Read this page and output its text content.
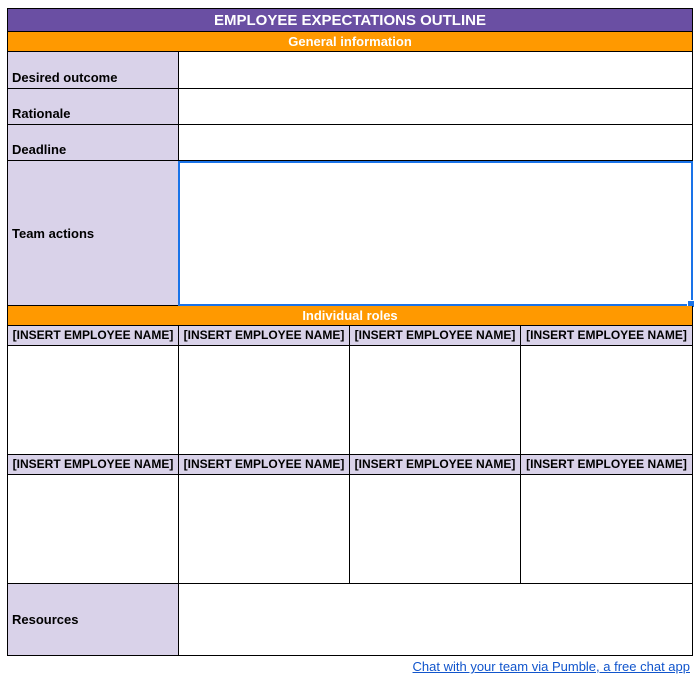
EMPLOYEE EXPECTATIONS OUTLINE
General information
Desired outcome
Rationale
Deadline
Team actions
Individual roles
[INSERT EMPLOYEE NAME] [INSERT EMPLOYEE NAME] [INSERT EMPLOYEE NAME] [INSERT EMPLOYEE NAME]
[INSERT EMPLOYEE NAME] [INSERT EMPLOYEE NAME] [INSERT EMPLOYEE NAME] [INSERT EMPLOYEE NAME]
Resources
Chat with your team via Pumble, a free chat app
